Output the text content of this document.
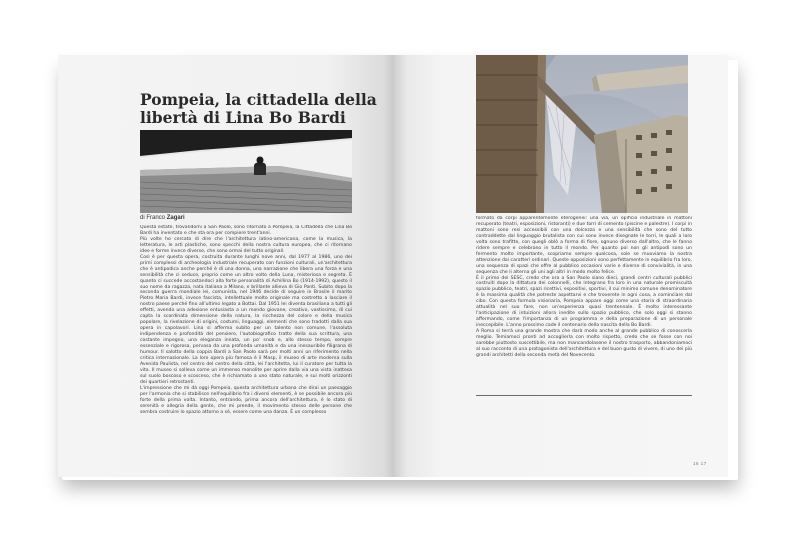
Pompeia, la cittadella della libertà di Lina Bo Bardi
di Franco Zagari

Questa estate, trovandomi a San Paolo, sono ritornato a Pompeia, la Cittadella che Lina Bo Bardi ha inventato e che sta ora per compiere trent'anni.
Più volte ho cercato di dire che l'architettura latino-americana, come la musica, la letteratura, le arti plastiche, sono specchi della nostra cultura europea, che ci ritornano idee e forme invece diverse, che sono ormai del tutto originali.
Così è per questa opera, costruita durante lunghi nove anni, dal 1977 al 1986, uno dei primi complessi di archeologia industriale recuperato con funzioni culturali, un'architettura che è antipodica anche perché è di una donna, una narrazione che libera una forza e una sensibilità che ci seduce, proprio come un altro volto della Luna, misteriosa e segreta. È quanto ci succede accostandoci alla forte personalità di Achillina Bo (1914-1992), questo il suo nome da ragazza, nata italiana a Milano, e brillante allieva di Gio Ponti. Subito dopo la seconda guerra mondiale lei, comunista, nel 1946 decide di seguire in Brasile il marito Pietro Maria Bardi, invece fascista, intellettuale molto originale ma costretto a lasciare il nostro paese perché fino all'ultimo legato a Bottai. Dal 1951 lei diventa brasiliana a tutti gli effetti, avendo una adesione entusiasta a un mondo giovane, creativo, vastissimo, di cui capta la scordinata dimensione della natura, la ricchezza del colore e della musica popolare, la rivelazione di origini, costumi, linguaggi, elementi che sono tradotti dalla sua opera in capolavori. Lina si afferma subito per un talento non comune, l'assoluta indipendenza e profondità del pensiero, l'autobiografico tratto della sua scrittura, una costante impegno, una eleganza innata, un po' snob e, allo stesso tempo, sempre essenziale e rigorosa, pervasa da una profonda umanità e da una inesauribile filigrana di humour. Il salotto della coppia Bardi a San Paolo sarà per molti anni un riferimento nella critica internazionale. La loro opera più famosa è il Masp, il museo di arte moderna sulla Avenida Paulista, nel centro del centro della città, lei l'architetta, lui il curatore per tutta la vita. Il museo si solleva come un immenso monolite per aprire dalla via una vista inattesa sul suolo boscoso e scosceso, che è richiamato a uno stato naturale, e sui molti orizzonti dei quartieri retrostanti.
L'impressione che mi dà oggi Pompeia, questa architettura urbana che dirai un paesaggio per l'armonia che si stabilisce nell'equilibrio fra i diversi elementi, è se possibile ancora più forte della prima volta. Intanto, entrando, prima ancora dell'architettura, è lo stato di serenità e allegria della gente, che mi prende, il movimento stesso delle persone che sembra costruire lo spazio attorno a sé, essere come una danza. È un complesso

formato da corpi apparentemente eterogenei: una via, un opificio industriale in mattoni recuperato (teatri, esposizioni, ristoranti) e due torri di cemento (piscine e palestre). I corpi in mattoni sono resi accessibili con una dolcezza e una sensibilità che sono del tutto contraddette dal linguaggio brutalista con cui sono invece disegnate le torri, le quali a loro volta sono trafitte, con quegli oblò a forma di fiore, ognuno diverso dall'altro, che le fanno ridere sempre e celebrano in tutto il mondo. Per quanto poi non gli antipodi sono un fermento molto importante, scopriamo sempre qualcosa, sole se muoviamo la nostra attenzione dai caratteri ordinari. Queste opposizioni sono perfettamente in equilibrio fra loro, una sequenza di spazi che offre al pubblico occasioni varie e diverse di convivialità, in una sequenza che li alterna gli uni agli altri in modo molto felice.
È il primo dei SESC, credo che ora a San Paolo siano dieci, grandi centri culturali pubblici costruiti dopo la dittatura dei colonnelli, che integrano fra loro in una naturale promiscuità spazio pubblico, teatri, spazi ricettivi, espositivi, sportivi, il cui minimo comune denominatore è la massima qualità che potreste aspettarvi e che troverete in ogni cosa, a cominciare dal cibo. Con questa formula visionaria, Pompeia appare oggi come una storia di straordinaria attualità nel suo fare, non un'esperienza quasi trentennale. È molto interessante l'anticipazione di intuizioni allora inedite sullo spazio pubblico, che solo oggi si stanno affermando, come l'importanza di un programma e della preparazione di un personale ineccepibile. L'anno prossimo cade il centenario della nascita della Bo Bardi.
A Roma si terrà una grande mostra che darà modo anche al grande pubblico di conoscerla meglio. Temiamoci pronti ad accoglierla con molto rispetto, credo che se fosse con noi sarebbe piuttosto suscettibile, ma non mancandolasene il nostro trasporto, abbandoniamoci al suo racconto di una protagonista dell'architettura e del buon gusto di vivere, di uno dei più grandi architetti della seconda metà del Novecento.

16 17
